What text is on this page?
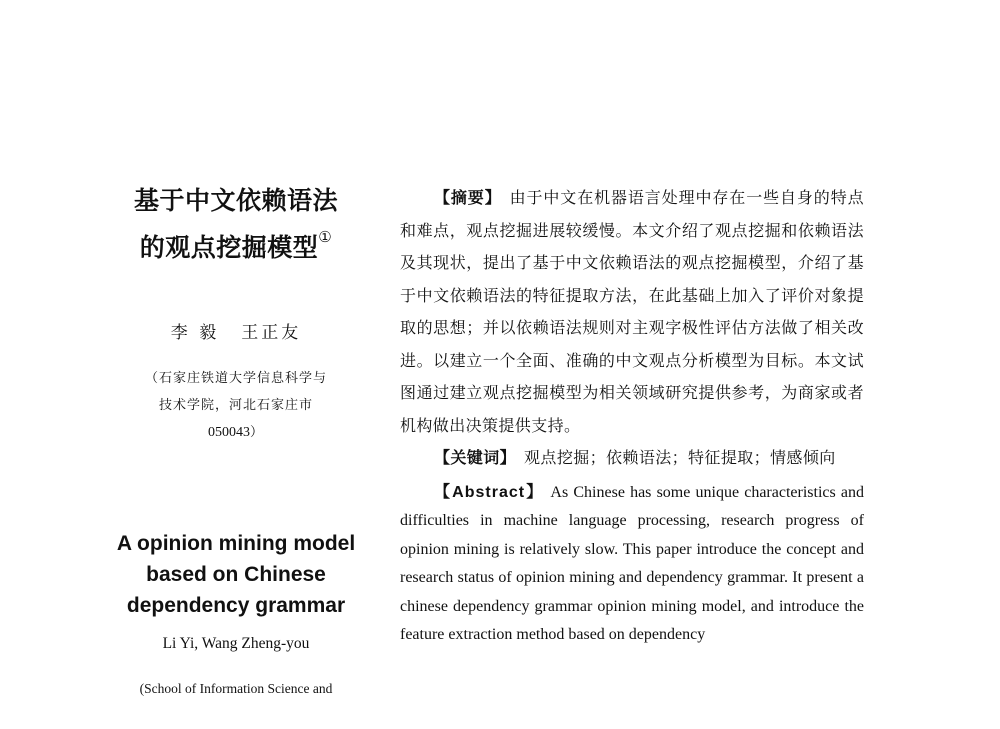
基于中文依赖语法
的观点挖掘模型①
李 毅 王正友
（石家庄铁道大学信息科学与
技术学院，河北石家庄市
050043）
A opinion mining model based on Chinese dependency grammar
Li Yi, Wang Zheng-you
(School of Information Science and

【摘要】 由于中文在机器语言处理中存在一些自身的特点和难点，观点挖掘进展较缓慢。本文介绍了观点挖掘和依赖语法及其现状，提出了基于中文依赖语法的观点挖掘模型，介绍了基于中文依赖语法的特征提取方法，在此基础上加入了评价对象提取的思想；并以依赖语法规则对主观字极性评估方法做了相关改进。以建立一个全面、准确的中文观点分析模型为目标。本文试图通过建立观点挖掘模型为相关领域研究提供参考，为商家或者机构做出决策提供支持。

【关键词】 观点挖掘；依赖语法；特征提取；情感倾向

【Abstract】 As Chinese has some unique characteristics and difficulties in machine language processing, research progress of opinion mining is relatively slow. This paper introduce the concept and research status of opinion mining and dependency grammar. It present a chinese dependency grammar opinion mining model, and introduce the feature extraction method based on dependency
